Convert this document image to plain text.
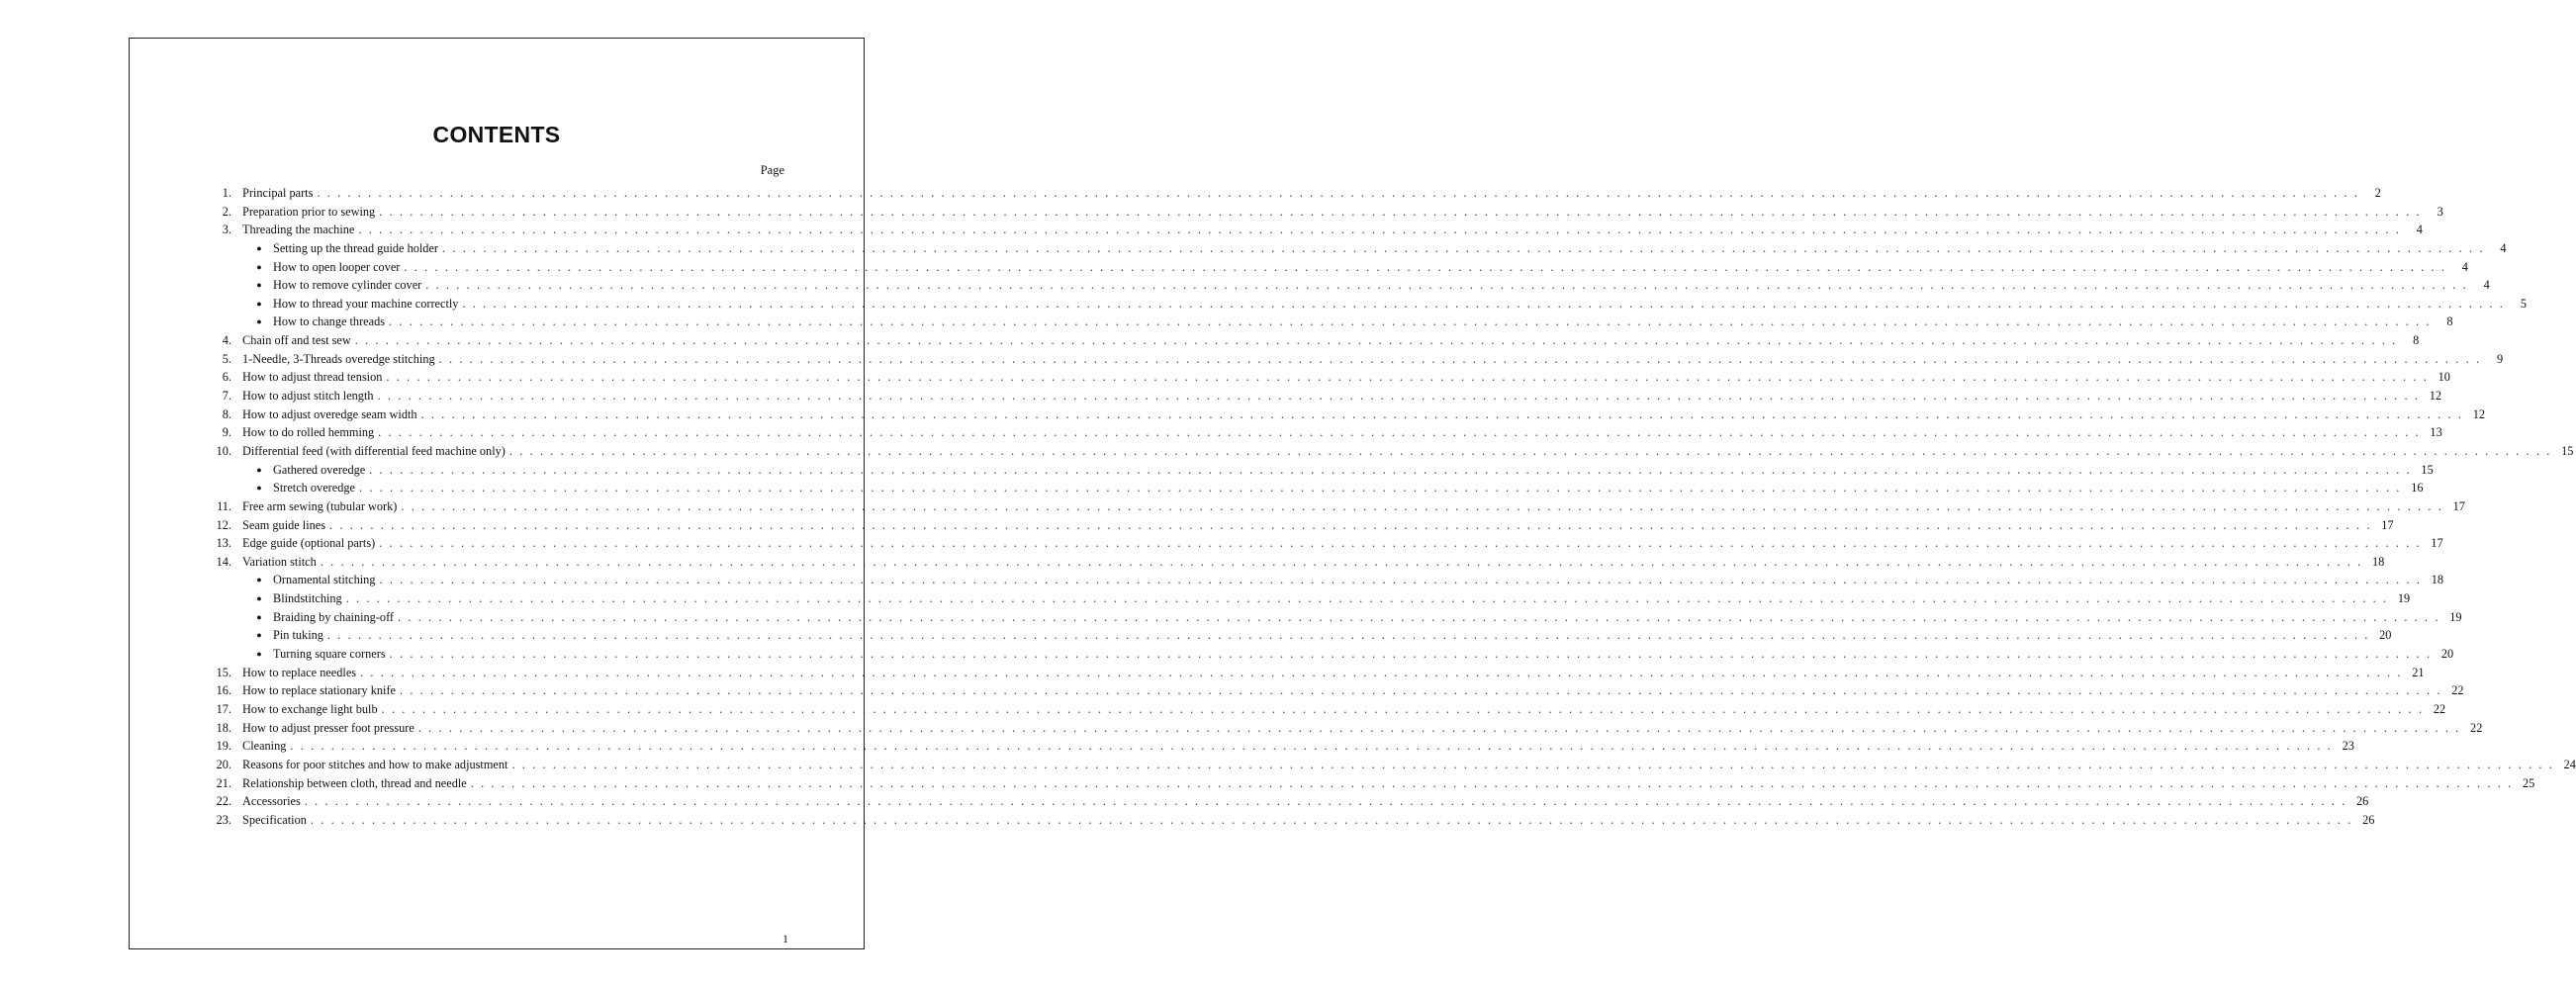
CONTENTS
Page
1. Principal parts . . . . . . . . . . . . . . . . . . . . . . . . . . . . . . . . . . . . . . . . . . . . . . . . . . . . . . . . . . . . . . . . . . . . . . . . . . . . . . . . . . . . . . . . . . . . . . . . . . . . . . . . . . . . . . . . . . . . . . . . . . . . . . . . . . . . . . . . . . . . . . . . . . . . . . . . . . . . . . . . . . . . . . . . . . . . . . . . . . . . . . . . . . . . . . . . . . . . . . . .	2
2. Preparation prior to sewing . . . . . . . . . . . . . . . . . . . . . . . . . . . . . . . . . . . . . . . . . . . . . . . . . . . . . . . . . . . . . . . . . . . . . . . . . . . . . . . . . . . . . . . . . . . . . . . . . . . . . . . . . . . . . . . . . . . . . . . . . . . . . . . . . . . . . . . . . . . . . . . . . . . . . . . . . . . . . . . . . . . . . . . . . . . . . . . . . . . . . . . . . . . . . . . . . . . . . . . .	3
3. Threading the machine . . . . . . . . . . . . . . . . . . . . . . . . . . . . . . . . . . . . . . . . . . . . . . . . . . . . . . . . . . . . . . . . . . . . . . . . . . . . . . . . . . . . . . . . . . . . . . . . . . . . . . . . . . . . . . . . . . . . . . . . . . . . . . . . . . . . . . . . . . . . . . . . . . . . . . . . . . . . . . . . . . . . . . . . . . . . . . . . . . . . . . . . . . . . . . . . . . . . . . . .	4
● Setting up the thread guide holder . . . . . . . . . . . . . . . . . . . . . . . . . . . . . . . . . . . . . . . . . . . . . . . . . . . . . . . . . . . . . . . . . . . . . . . . . . . . . . . . . . . . . . . . . . . . . . . . . . . . . . . . . . . . . . . . . . . . . . . . . . . . . . . . . . . . . . . . . . . . . . . . . . . . . . . . . . . . . . . . . . . . . . . . . . . . . . . . . . . . . . . . . . . . . . . . . . . . . . . .	4
● How to open looper cover . . . . . . . . . . . . . . . . . . . . . . . . . . . . . . . . . . . . . . . . . . . . . . . . . . . . . . . . . . . . . . . . . . . . . . . . . . . . . . . . . . . . . . . . . . . . . . . . . . . . . . . . . . . . . . . . . . . . . . . . . . . . . . . . . . . . . . . . . . . . . . . . . . . . . . . . . . . . . . . . . . . . . . . . . . . . . . . . . . . . . . . . . . . . . . . . . . . . . . . .	4
● How to remove cylinder cover . . . . . . . . . . . . . . . . . . . . . . . . . . . . . . . . . . . . . . . . . . . . . . . . . . . . . . . . . . . . . . . . . . . . . . . . . . . . . . . . . . . . . . . . . . . . . . . . . . . . . . . . . . . . . . . . . . . . . . . . . . . . . . . . . . . . . . . . . . . . . . . . . . . . . . . . . . . . . . . . . . . . . . . . . . . . . . . . . . . . . . . . . . . . . . . . . . . . . . . .	4
● How to thread your machine correctly . . . . . . . . . . . . . . . . . . . . . . . . . . . . . . . . . . . . . . . . . . . . . . . . . . . . . . . . . . . . . . . . . . . . . . . . . . . . . . . . . . . . . . . . . . . . . . . . . . . . . . . . . . . . . . . . . . . . . . . . . . . . . . . . . . . . . . . . . . . . . . . . . . . . . . . . . . . . . . . . . . . . . . . . . . . . . . . . . . . . . . . . . . . . . . . . . . . . . . . .	5
● How to change threads . . . . . . . . . . . . . . . . . . . . . . . . . . . . . . . . . . . . . . . . . . . . . . . . . . . . . . . . . . . . . . . . . . . . . . . . . . . . . . . . . . . . . . . . . . . . . . . . . . . . . . . . . . . . . . . . . . . . . . . . . . . . . . . . . . . . . . . . . . . . . . . . . . . . . . . . . . . . . . . . . . . . . . . . . . . . . . . . . . . . . . . . . . . . . . . . . . . . . . . .	8
4. Chain off and test sew . . . . . . . . . . . . . . . . . . . . . . . . . . . . . . . . . . . . . . . . . . . . . . . . . . . . . . . . . . . . . . . . . . . . . . . . . . . . . . . . . . . . . . . . . . . . . . . . . . . . . . . . . . . . . . . . . . . . . . . . . . . . . . . . . . . . . . . . . . . . . . . . . . . . . . . . . . . . . . . . . . . . . . . . . . . . . . . . . . . . . . . . . . . . . . . . . . . . . . . .	8
5. 1-Needle, 3-Threads overedge stitching . . . . . . . . . . . . . . . . . . . . . . . . . . . . . . . . . . . . . . . . . . . . . . . . . . . . . . . . . . . . . . . . . . . . . . . . . . . . . . . . . . . . . . . . . . . . . . . . . . . . . . . . . . . . . . . . . . . . . . . . . . . . . . . . . . . . . . . . . . . . . . . . . . . . . . . . . . . . . . . . . . . . . . . . . . . . . . . . . . . . . . . . . . . . . . . . . . . . . . . .	9
6. How to adjust thread tension . . . . . . . . . . . . . . . . . . . . . . . . . . . . . . . . . . . . . . . . . . . . . . . . . . . . . . . . . . . . . . . . . . . . . . . . . . . . . . . . . . . . . . . . . . . . . . . . . . . . . . . . . . . . . . . . . . . . . . . . . . . . . . . . . . . . . . . . . . . . . . . . . . . . . . . . . . . . . . . . . . . . . . . . . . . . . . . . . . . . . . . . . . . . . . . . . . . . . . . . 10
7. How to adjust stitch length . . . . . . . . . . . . . . . . . . . . . . . . . . . . . . . . . . . . . . . . . . . . . . . . . . . . . . . . . . . . . . . . . . . . . . . . . . . . . . . . . . . . . . . . . . . . . . . . . . . . . . . . . . . . . . . . . . . . . . . . . . . . . . . . . . . . . . . . . . . . . . . . . . . . . . . . . . . . . . . . . . . . . . . . . . . . . . . . . . . . . . . . . . . . . . . . . . . . . . . . 12
8. How to adjust overedge seam width . . . . . . . . . . . . . . . . . . . . . . . . . . . . . . . . . . . . . . . . . . . . . . . . . . . . . . . . . . . . . . . . . . . . . . . . . . . . . . . . . . . . . . . . . . . . . . . . . . . . . . . . . . . . . . . . . . . . . . . . . . . . . . . . . . . . . . . . . . . . . . . . . . . . . . . . . . . . . . . . . . . . . . . . . . . . . . . . . . . . . . . . . . . . . . . . . . . . . . . . 12
9. How to do rolled hemming . . . . . . . . . . . . . . . . . . . . . . . . . . . . . . . . . . . . . . . . . . . . . . . . . . . . . . . . . . . . . . . . . . . . . . . . . . . . . . . . . . . . . . . . . . . . . . . . . . . . . . . . . . . . . . . . . . . . . . . . . . . . . . . . . . . . . . . . . . . . . . . . . . . . . . . . . . . . . . . . . . . . . . . . . . . . . . . . . . . . . . . . . . . . . . . . . . . . . . . . 13
10. Differential feed (with differential feed machine only) . . . . . . . . . . . . . . . . . . . . . . . . . . . . . . . . . . . . . . . . . . . . . . . . . . . . . . . . . . . . . . . . . . . . . . . . . . . . . . . . . . . . . . . . . . . . . . . . . . . . . . . . . . . . . . . . . . . . . . . . . . . . . . . . . . . . . . . . . . . . . . . . . . . . . . . . . . . . . . . . . . . . . . . . . . . . . . . . . . . . . . . . . . . . . . . . . . . . . . . . 15
● Gathered overedge . . . . . . . . . . . . . . . . . . . . . . . . . . . . . . . . . . . . . . . . . . . . . . . . . . . . . . . . . . . . . . . . . . . . . . . . . . . . . . . . . . . . . . . . . . . . . . . . . . . . . . . . . . . . . . . . . . . . . . . . . . . . . . . . . . . . . . . . . . . . . . . . . . . . . . . . . . . . . . . . . . . . . . . . . . . . . . . . . . . . . . . . . . . . . . . . . . . . . . . . 15
● Stretch overedge . . . . . . . . . . . . . . . . . . . . . . . . . . . . . . . . . . . . . . . . . . . . . . . . . . . . . . . . . . . . . . . . . . . . . . . . . . . . . . . . . . . . . . . . . . . . . . . . . . . . . . . . . . . . . . . . . . . . . . . . . . . . . . . . . . . . . . . . . . . . . . . . . . . . . . . . . . . . . . . . . . . . . . . . . . . . . . . . . . . . . . . . . . . . . . . . . . . . . . . . 16
11. Free arm sewing (tubular work) . . . . . . . . . . . . . . . . . . . . . . . . . . . . . . . . . . . . . . . . . . . . . . . . . . . . . . . . . . . . . . . . . . . . . . . . . . . . . . . . . . . . . . . . . . . . . . . . . . . . . . . . . . . . . . . . . . . . . . . . . . . . . . . . . . . . . . . . . . . . . . . . . . . . . . . . . . . . . . . . . . . . . . . . . . . . . . . . . . . . . . . . . . . . . . . . . . . . . . . . 17
12. Seam guide lines . . . . . . . . . . . . . . . . . . . . . . . . . . . . . . . . . . . . . . . . . . . . . . . . . . . . . . . . . . . . . . . . . . . . . . . . . . . . . . . . . . . . . . . . . . . . . . . . . . . . . . . . . . . . . . . . . . . . . . . . . . . . . . . . . . . . . . . . . . . . . . . . . . . . . . . . . . . . . . . . . . . . . . . . . . . . . . . . . . . . . . . . . . . . . . . . . . . . . . . . 17
13. Edge guide (optional parts) . . . . . . . . . . . . . . . . . . . . . . . . . . . . . . . . . . . . . . . . . . . . . . . . . . . . . . . . . . . . . . . . . . . . . . . . . . . . . . . . . . . . . . . . . . . . . . . . . . . . . . . . . . . . . . . . . . . . . . . . . . . . . . . . . . . . . . . . . . . . . . . . . . . . . . . . . . . . . . . . . . . . . . . . . . . . . . . . . . . . . . . . . . . . . . . . . . . . . . . . 17
14. Variation stitch . . . . . . . . . . . . . . . . . . . . . . . . . . . . . . . . . . . . . . . . . . . . . . . . . . . . . . . . . . . . . . . . . . . . . . . . . . . . . . . . . . . . . . . . . . . . . . . . . . . . . . . . . . . . . . . . . . . . . . . . . . . . . . . . . . . . . . . . . . . . . . . . . . . . . . . . . . . . . . . . . . . . . . . . . . . . . . . . . . . . . . . . . . . . . . . . . . . . . . . . 18
● Ornamental stitching . . . . . . . . . . . . . . . . . . . . . . . . . . . . . . . . . . . . . . . . . . . . . . . . . . . . . . . . . . . . . . . . . . . . . . . . . . . . . . . . . . . . . . . . . . . . . . . . . . . . . . . . . . . . . . . . . . . . . . . . . . . . . . . . . . . . . . . . . . . . . . . . . . . . . . . . . . . . . . . . . . . . . . . . . . . . . . . . . . . . . . . . . . . . . . . . . . . . . . . . 18
● Blindstitching . . . . . . . . . . . . . . . . . . . . . . . . . . . . . . . . . . . . . . . . . . . . . . . . . . . . . . . . . . . . . . . . . . . . . . . . . . . . . . . . . . . . . . . . . . . . . . . . . . . . . . . . . . . . . . . . . . . . . . . . . . . . . . . . . . . . . . . . . . . . . . . . . . . . . . . . . . . . . . . . . . . . . . . . . . . . . . . . . . . . . . . . . . . . . . . . . . . . . . . . 19
● Braiding by chaining-off . . . . . . . . . . . . . . . . . . . . . . . . . . . . . . . . . . . . . . . . . . . . . . . . . . . . . . . . . . . . . . . . . . . . . . . . . . . . . . . . . . . . . . . . . . . . . . . . . . . . . . . . . . . . . . . . . . . . . . . . . . . . . . . . . . . . . . . . . . . . . . . . . . . . . . . . . . . . . . . . . . . . . . . . . . . . . . . . . . . . . . . . . . . . . . . . . . . . . . . . 19
● Pin tuking . . . . . . . . . . . . . . . . . . . . . . . . . . . . . . . . . . . . . . . . . . . . . . . . . . . . . . . . . . . . . . . . . . . . . . . . . . . . . . . . . . . . . . . . . . . . . . . . . . . . . . . . . . . . . . . . . . . . . . . . . . . . . . . . . . . . . . . . . . . . . . . . . . . . . . . . . . . . . . . . . . . . . . . . . . . . . . . . . . . . . . . . . . . . . . . . . . . . . . . . 20
● Turning square corners . . . . . . . . . . . . . . . . . . . . . . . . . . . . . . . . . . . . . . . . . . . . . . . . . . . . . . . . . . . . . . . . . . . . . . . . . . . . . . . . . . . . . . . . . . . . . . . . . . . . . . . . . . . . . . . . . . . . . . . . . . . . . . . . . . . . . . . . . . . . . . . . . . . . . . . . . . . . . . . . . . . . . . . . . . . . . . . . . . . . . . . . . . . . . . . . . . . . . . . . 20
15. How to replace needles . . . . . . . . . . . . . . . . . . . . . . . . . . . . . . . . . . . . . . . . . . . . . . . . . . . . . . . . . . . . . . . . . . . . . . . . . . . . . . . . . . . . . . . . . . . . . . . . . . . . . . . . . . . . . . . . . . . . . . . . . . . . . . . . . . . . . . . . . . . . . . . . . . . . . . . . . . . . . . . . . . . . . . . . . . . . . . . . . . . . . . . . . . . . . . . . . . . . . . . . 21
16. How to replace stationary knife . . . . . . . . . . . . . . . . . . . . . . . . . . . . . . . . . . . . . . . . . . . . . . . . . . . . . . . . . . . . . . . . . . . . . . . . . . . . . . . . . . . . . . . . . . . . . . . . . . . . . . . . . . . . . . . . . . . . . . . . . . . . . . . . . . . . . . . . . . . . . . . . . . . . . . . . . . . . . . . . . . . . . . . . . . . . . . . . . . . . . . . . . . . . . . . . . . . . . . . . 22
17. How to exchange light bulb . . . . . . . . . . . . . . . . . . . . . . . . . . . . . . . . . . . . . . . . . . . . . . . . . . . . . . . . . . . . . . . . . . . . . . . . . . . . . . . . . . . . . . . . . . . . . . . . . . . . . . . . . . . . . . . . . . . . . . . . . . . . . . . . . . . . . . . . . . . . . . . . . . . . . . . . . . . . . . . . . . . . . . . . . . . . . . . . . . . . . . . . . . . . . . . . . . . . . . . . 22
18. How to adjust presser foot pressure . . . . . . . . . . . . . . . . . . . . . . . . . . . . . . . . . . . . . . . . . . . . . . . . . . . . . . . . . . . . . . . . . . . . . . . . . . . . . . . . . . . . . . . . . . . . . . . . . . . . . . . . . . . . . . . . . . . . . . . . . . . . . . . . . . . . . . . . . . . . . . . . . . . . . . . . . . . . . . . . . . . . . . . . . . . . . . . . . . . . . . . . . . . . . . . . . . . . . . . . 22
19. Cleaning . . . . . . . . . . . . . . . . . . . . . . . . . . . . . . . . . . . . . . . . . . . . . . . . . . . . . . . . . . . . . . . . . . . . . . . . . . . . . . . . . . . . . . . . . . . . . . . . . . . . . . . . . . . . . . . . . . . . . . . . . . . . . . . . . . . . . . . . . . . . . . . . . . . . . . . . . . . . . . . . . . . . . . . . . . . . . . . . . . . . . . . . . . . . . . . . . . . . . . . . 23
20. Reasons for poor stitches and how to make adjustment . . . . . . . . . . . . . . . . . . . . . . . . . . . . . . . . . . . . . . . . . . . . . . . . . . . . . . . . . . . . . . . . . . . . . . . . . . . . . . . . . . . . . . . . . . . . . . . . . . . . . . . . . . . . . . . . . . . . . . . . . . . . . . . . . . . . . . . . . . . . . . . . . . . . . . . . . . . . . . . . . . . . . . . . . . . . . . . . . . . . . . . . . . . . . . . . . . . . . . . . 24
21. Relationship between cloth, thread and needle . . . . . . . . . . . . . . . . . . . . . . . . . . . . . . . . . . . . . . . . . . . . . . . . . . . . . . . . . . . . . . . . . . . . . . . . . . . . . . . . . . . . . . . . . . . . . . . . . . . . . . . . . . . . . . . . . . . . . . . . . . . . . . . . . . . . . . . . . . . . . . . . . . . . . . . . . . . . . . . . . . . . . . . . . . . . . . . . . . . . . . . . . . . . . . . . . . . . . . . . 25
22. Accessories . . . . . . . . . . . . . . . . . . . . . . . . . . . . . . . . . . . . . . . . . . . . . . . . . . . . . . . . . . . . . . . . . . . . . . . . . . . . . . . . . . . . . . . . . . . . . . . . . . . . . . . . . . . . . . . . . . . . . . . . . . . . . . . . . . . . . . . . . . . . . . . . . . . . . . . . . . . . . . . . . . . . . . . . . . . . . . . . . . . . . . . . . . . . . . . . . . . . . . . . 26
23. Specification . . . . . . . . . . . . . . . . . . . . . . . . . . . . . . . . . . . . . . . . . . . . . . . . . . . . . . . . . . . . . . . . . . . . . . . . . . . . . . . . . . . . . . . . . . . . . . . . . . . . . . . . . . . . . . . . . . . . . . . . . . . . . . . . . . . . . . . . . . . . . . . . . . . . . . . . . . . . . . . . . . . . . . . . . . . . . . . . . . . . . . . . . . . . . . . . . . . . . . . . 26
1
